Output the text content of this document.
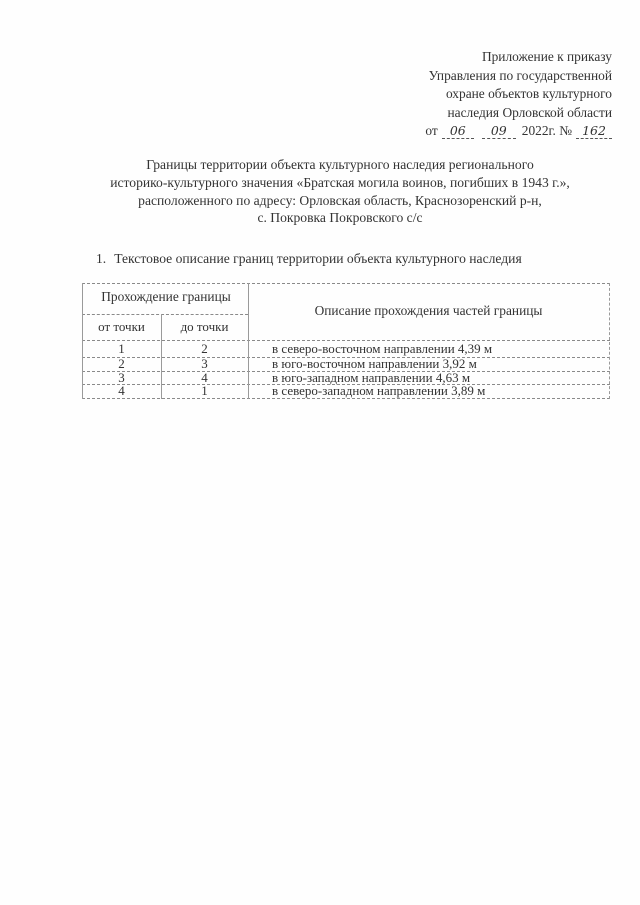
Приложение к приказу
Управления по государственной
охране объектов культурного
наследия Орловской области
от 06 09 2022г. № 162
Границы территории объекта культурного наследия регионального
историко-культурного значения «Братская могила воинов, погибших в 1943 г.»,
расположенного по адресу: Орловская область, Краснозоренский р-н,
с. Покровка Покровского с/с
1. Текстовое описание границ территории объекта культурного наследия
Прохождение границы
от точки	до точки
Описание прохождения частей границы
1	2	в северо-восточном направлении 4,39 м
2	3	в юго-восточном направлении 3,92 м
3	4	в юго-западном направлении 4,63 м
4	1	в северо-западном направлении 3,89 м
